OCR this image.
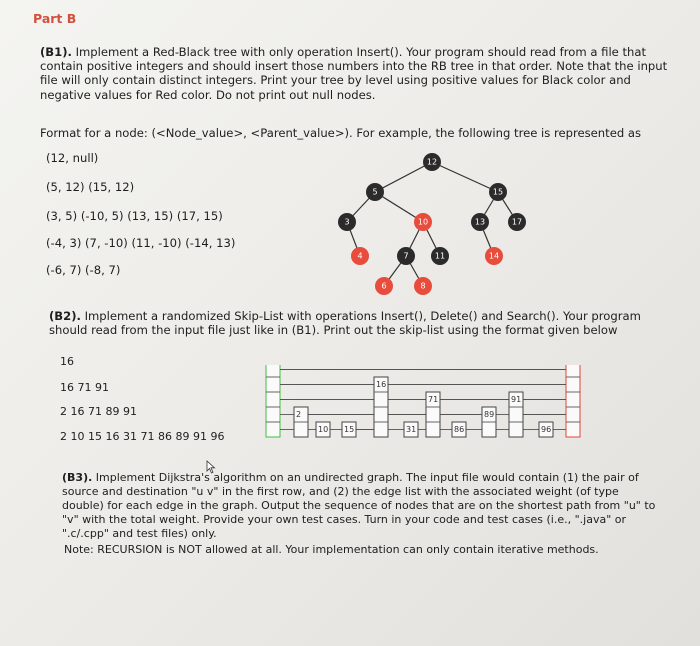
Part B
(B1). Implement a Red-Black tree with only operation Insert(). Your program should read from a file that contain positive integers and should insert those numbers into the RB tree in that order. Note that the input file will only contain distinct integers. Print your tree by level using positive values for Black color and negative values for Red color. Do not print out null nodes.
Format for a node: (<Node_value>, <Parent_value>). For example, the following tree is represented as
(12, null)
(5, 12) (15, 12)
(3, 5) (-10, 5) (13, 15) (17, 15)
(-4, 3) (7, -10) (11, -10) (-14, 13)
(-6, 7) (-8, 7)
12
5	15
3	10	13	17
4	7	11	14
6	8
(B2). Implement a randomized Skip-List with operations Insert(), Delete() and Search(). Your program should read from the input file just like in (B1). Print out the skip-list using the format given below
16
16 71 91
2 16 71 89 91
2 10 15 16 31 71 86 89 91 96
2
10 15
16
31
71
86
89
91
96
(B3). Implement Dijkstra's algorithm on an undirected graph. The input file would contain (1) the pair of source and destination "u v" in the first row, and (2) the edge list with the associated weight (of type double) for each edge in the graph. Output the sequence of nodes that are on the shortest path from "u" to "v" with the total weight. Provide your own test cases. Turn in your code and test cases (i.e., ".java" or ".c/.cpp" and test files) only.
Note: RECURSION is NOT allowed at all. Your implementation can only contain iterative methods.
